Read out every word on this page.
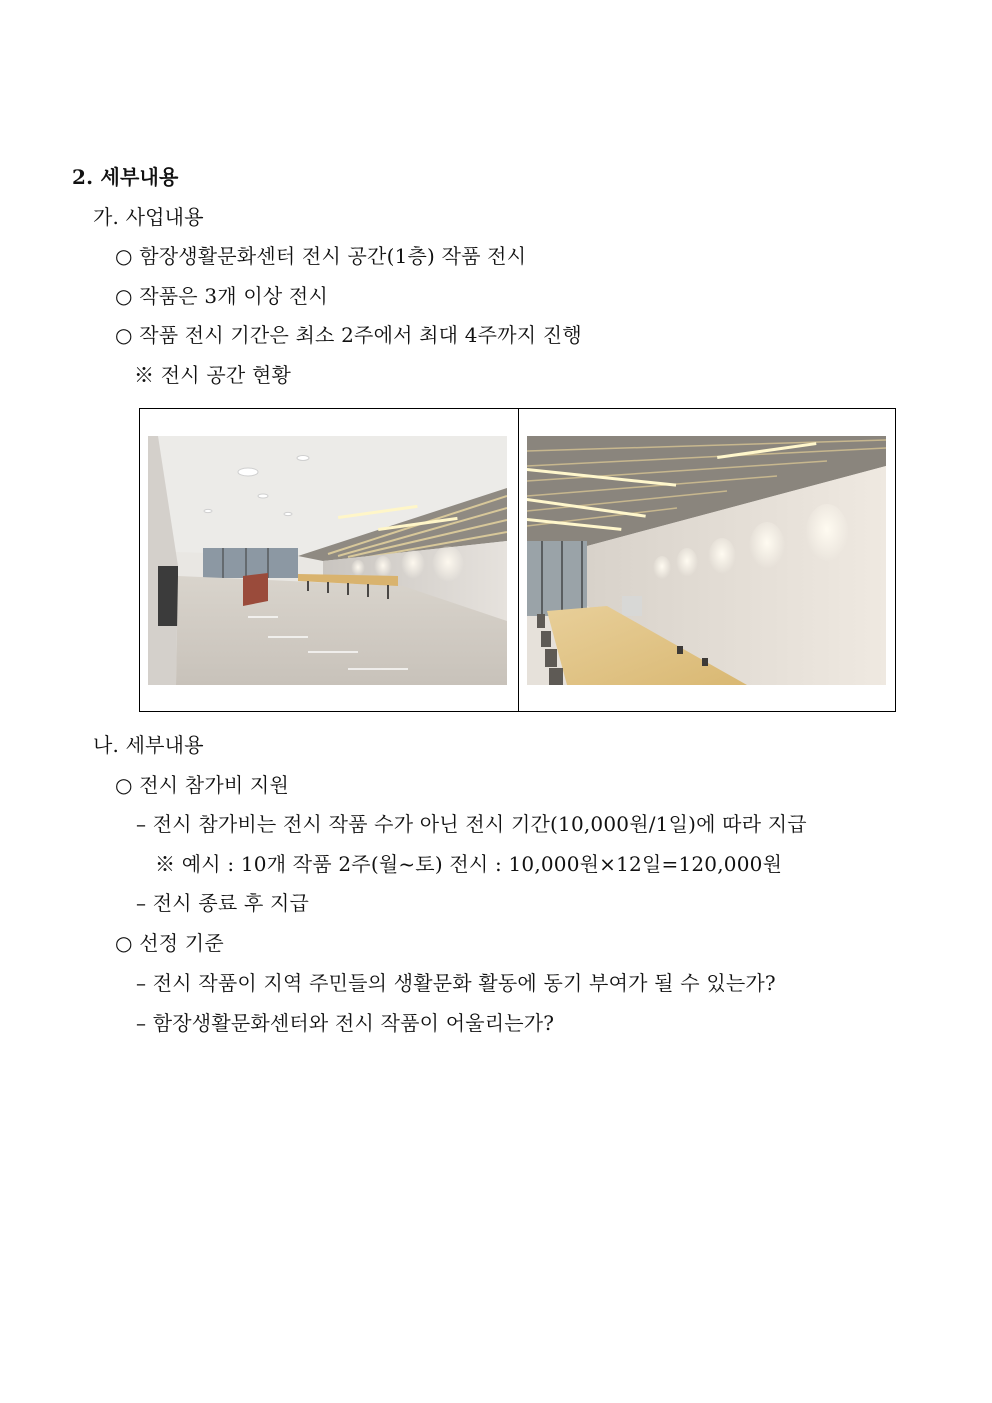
2. 세부내용
가. 사업내용
○ 함장생활문화센터 전시 공간(1층) 작품 전시
○ 작품은 3개 이상 전시
○ 작품 전시 기간은 최소 2주에서 최대 4주까지 진행
※ 전시 공간 현황
나. 세부내용
○ 전시 참가비 지원
– 전시 참가비는 전시 작품 수가 아닌 전시 기간(10,000원/1일)에 따라 지급
※ 예시 : 10개 작품 2주(월~토) 전시 : 10,000원×12일=120,000원
– 전시 종료 후 지급
○ 선정 기준
– 전시 작품이 지역 주민들의 생활문화 활동에 동기 부여가 될 수 있는가?
– 함장생활문화센터와 전시 작품이 어울리는가?
